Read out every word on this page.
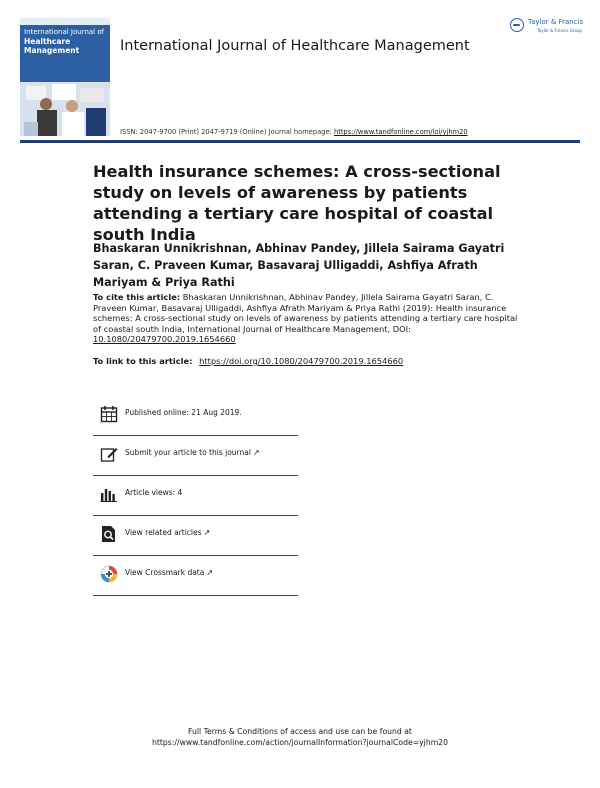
International Journal of
Healthcare Management	International Journal of Healthcare Management
ISSN: 2047-9700 (Print) 2047-9719 (Online) Journal homepage: https://www.tandfonline.com/loi/yjhm20
Taylor & Francis
Taylor & Francis Group
Health insurance schemes: A cross-sectional study on levels of awareness by patients attending a tertiary care hospital of coastal south India
Bhaskaran Unnikrishnan, Abhinav Pandey, Jillela Sairama Gayatri Saran, C. Praveen Kumar, Basavaraj Ulligaddi, Ashfiya Afrath Mariyam & Priya Rathi
To cite this article: Bhaskaran Unnikrishnan, Abhinav Pandey, Jillela Sairama Gayatri Saran, C. Praveen Kumar, Basavaraj Ulligaddi, Ashfiya Afrath Mariyam & Priya Rathi (2019): Health insurance schemes: A cross-sectional study on levels of awareness by patients attending a tertiary care hospital of coastal south India, International Journal of Healthcare Management, DOI: 10.1080/20479700.2019.1654660
To link to this article: https://doi.org/10.1080/20479700.2019.1654660
Published online: 21 Aug 2019.
Submit your article to this journal ↗
Article views: 4
View related articles ↗
View Crossmark data ↗
Full Terms & Conditions of access and use can be found at
https://www.tandfonline.com/action/journalInformation?journalCode=yjhm20
